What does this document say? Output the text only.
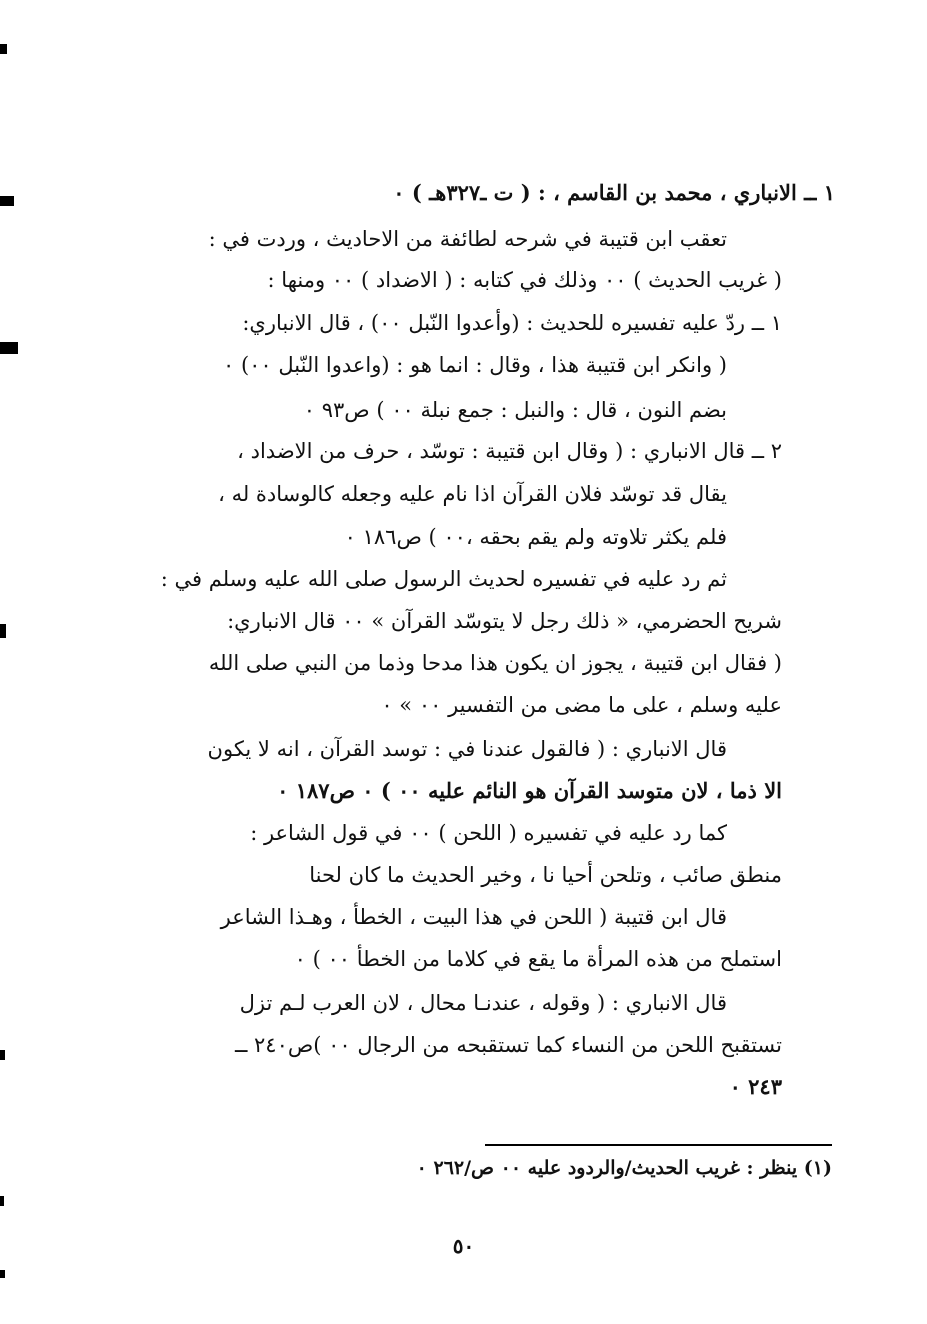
١ ــ الانباري ، محمد بن القاسم ، : ( ت ـ٣٢٧هـ ) ٠
تعقب ابن قتيبة في شرحه لطائفة من الاحاديث ، وردت في :
( غريب الحديث ) ٠٠ وذلك في كتابه : ( الاضداد ) ٠٠ ومنها :
١ ــ ردّ عليه تفسيره للحديث : (وأعدوا النّبل ٠٠) ، قال الانباري:
( وانكر ابن قتيبة هذا ، وقال : انما هو : (واعدوا النّبل ٠٠) ٠
بضم النون ، قال : والنبل : جمع نبلة ٠٠ ) ص٩٣ ٠
٢ ــ قال الانباري : ( وقال ابن قتيبة : توسّد ، حرف من الاضداد ،
يقال قد توسّد فلان القرآن اذا نام عليه وجعله كالوسادة له ،
فلم يكثر تلاوته ولم يقم بحقه ،٠٠ ) ص١٨٦ ٠
ثم رد عليه في تفسيره لحديث الرسول صلى الله عليه وسلم في :
شريح الحضرمي، « ذلك رجل لا يتوسّد القرآن » ٠٠ قال الانباري:
( فقال ابن قتيبة ، يجوز ان يكون هذا مدحا وذما من النبي صلى الله
عليه وسلم ، على ما مضى من التفسير ٠٠ » ٠
قال الانباري : ( فالقول عندنا في : توسد القرآن ، انه لا يكون
الا ذما ، لان متوسد القرآن هو النائم عليه ٠٠ ) ٠ ص١٨٧ ٠
كما رد عليه في تفسيره ( اللحن ) ٠٠ في قول الشاعر :
منطق صائب ، وتلحن أحيا نا ، وخير الحديث ما كان لحنا
قال ابن قتيبة ( اللحن في هذا البيت ، الخطأ ، وهـذا الشاعر
استملح من هذه المرأة ما يقع في كلاما من الخطأ ٠٠ ) ٠
قال الانباري : ( وقوله ، عندنـا محال ، لان العرب لـم تزل
تستقبح اللحن من النساء كما تستقبحه من الرجال ٠٠ )ص٢٤٠ ــ
٢٤٣ ٠
(١) ينظر : غريب الحديث/والردود عليه ٠٠ ص/٢٦٢ ٠
٥٠
